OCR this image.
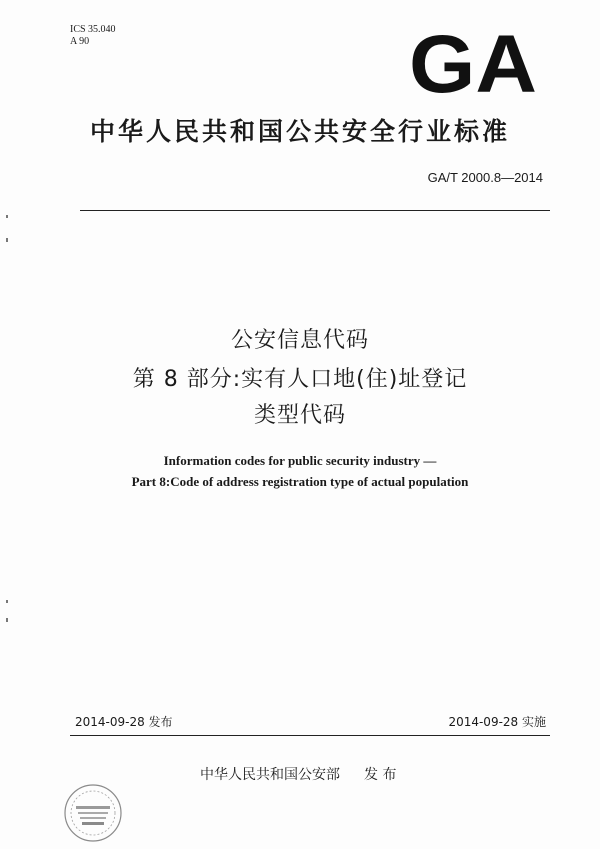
ICS 35.040
A 90	GA
中华人民共和国公共安全行业标准
GA/T 2000.8—2014
公安信息代码
第 8 部分:实有人口地(住)址登记
类型代码
Information codes for public security industry —
Part 8:Code of address registration type of actual population
2014-09-28 发布	2014-09-28 实施
中华人民共和国公安部 发 布
